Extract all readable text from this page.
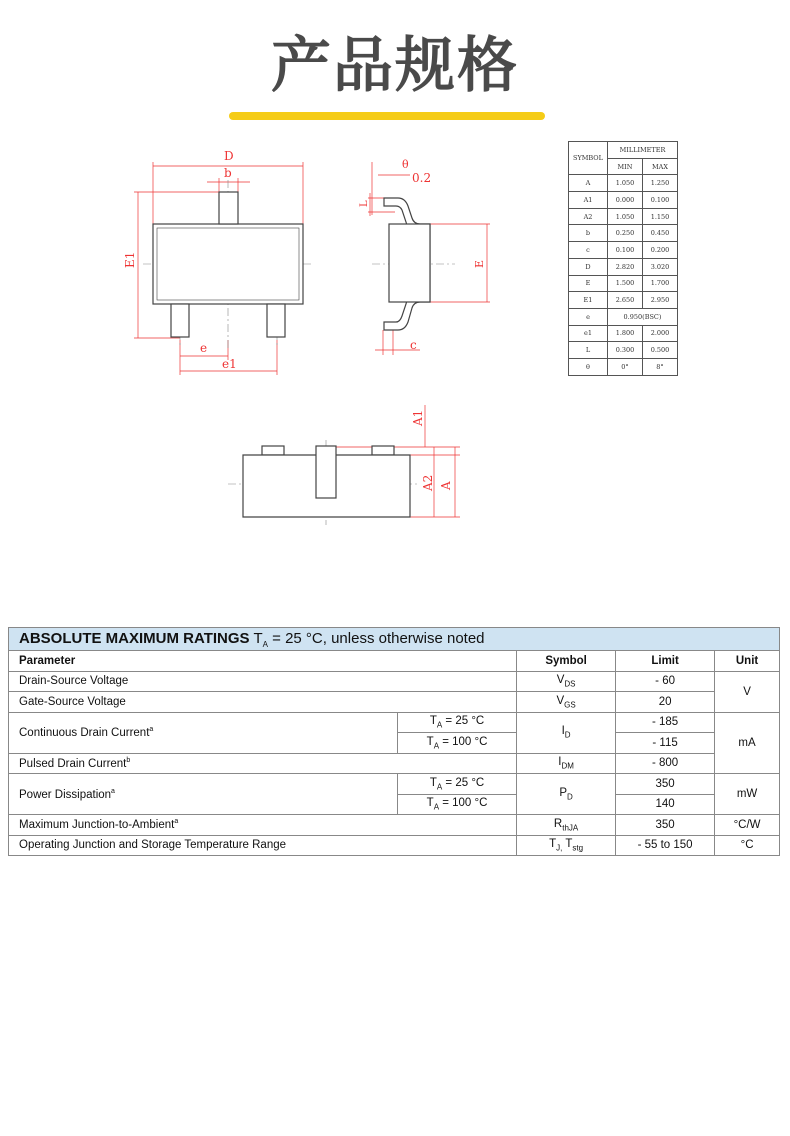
产品规格
D
b
E1
e
e1
θ
0.2
L
E
c
A1
A2 A
SYMBOL	MILLIMETER	
	MIN	MAX
A	1.050	1.250
A1	0.000	0.100
A2	1.050	1.150
b	0.250	0.450
c	0.100	0.200
D	2.820	3.020
E	1.500	1.700
E1	2.650	2.950
e	0.950(BSC)	
e1	1.800	2.000
L	0.300	0.500
θ	0°	8°
ABSOLUTE MAXIMUM RATINGS $T_A = 25$ °C, unless otherwise noted				
Parameter		Symbol	Limit	Unit
Drain-Source Voltage		$V_{DS}$	- 60	V
Gate-Source Voltage		$V_{GS}$	20	
Continuous Drain Current$^a$	$T_A = 25$ °C	$I_D$	- 185	mA
	$T_A = 100$ °C		- 115	
Pulsed Drain Current$^b$		$I_{DM}$	- 800	
Power Dissipation$^a$	$T_A = 25$ °C	$P_D$	350	mW
	$T_A = 100$ °C		140	
Maximum Junction-to-Ambient$^a$		$R_{thJA}$	350	°C/W
Operating Junction and Storage Temperature Range		$T_{J,}$ $T_{stg}$	- 55 to 150	°C
